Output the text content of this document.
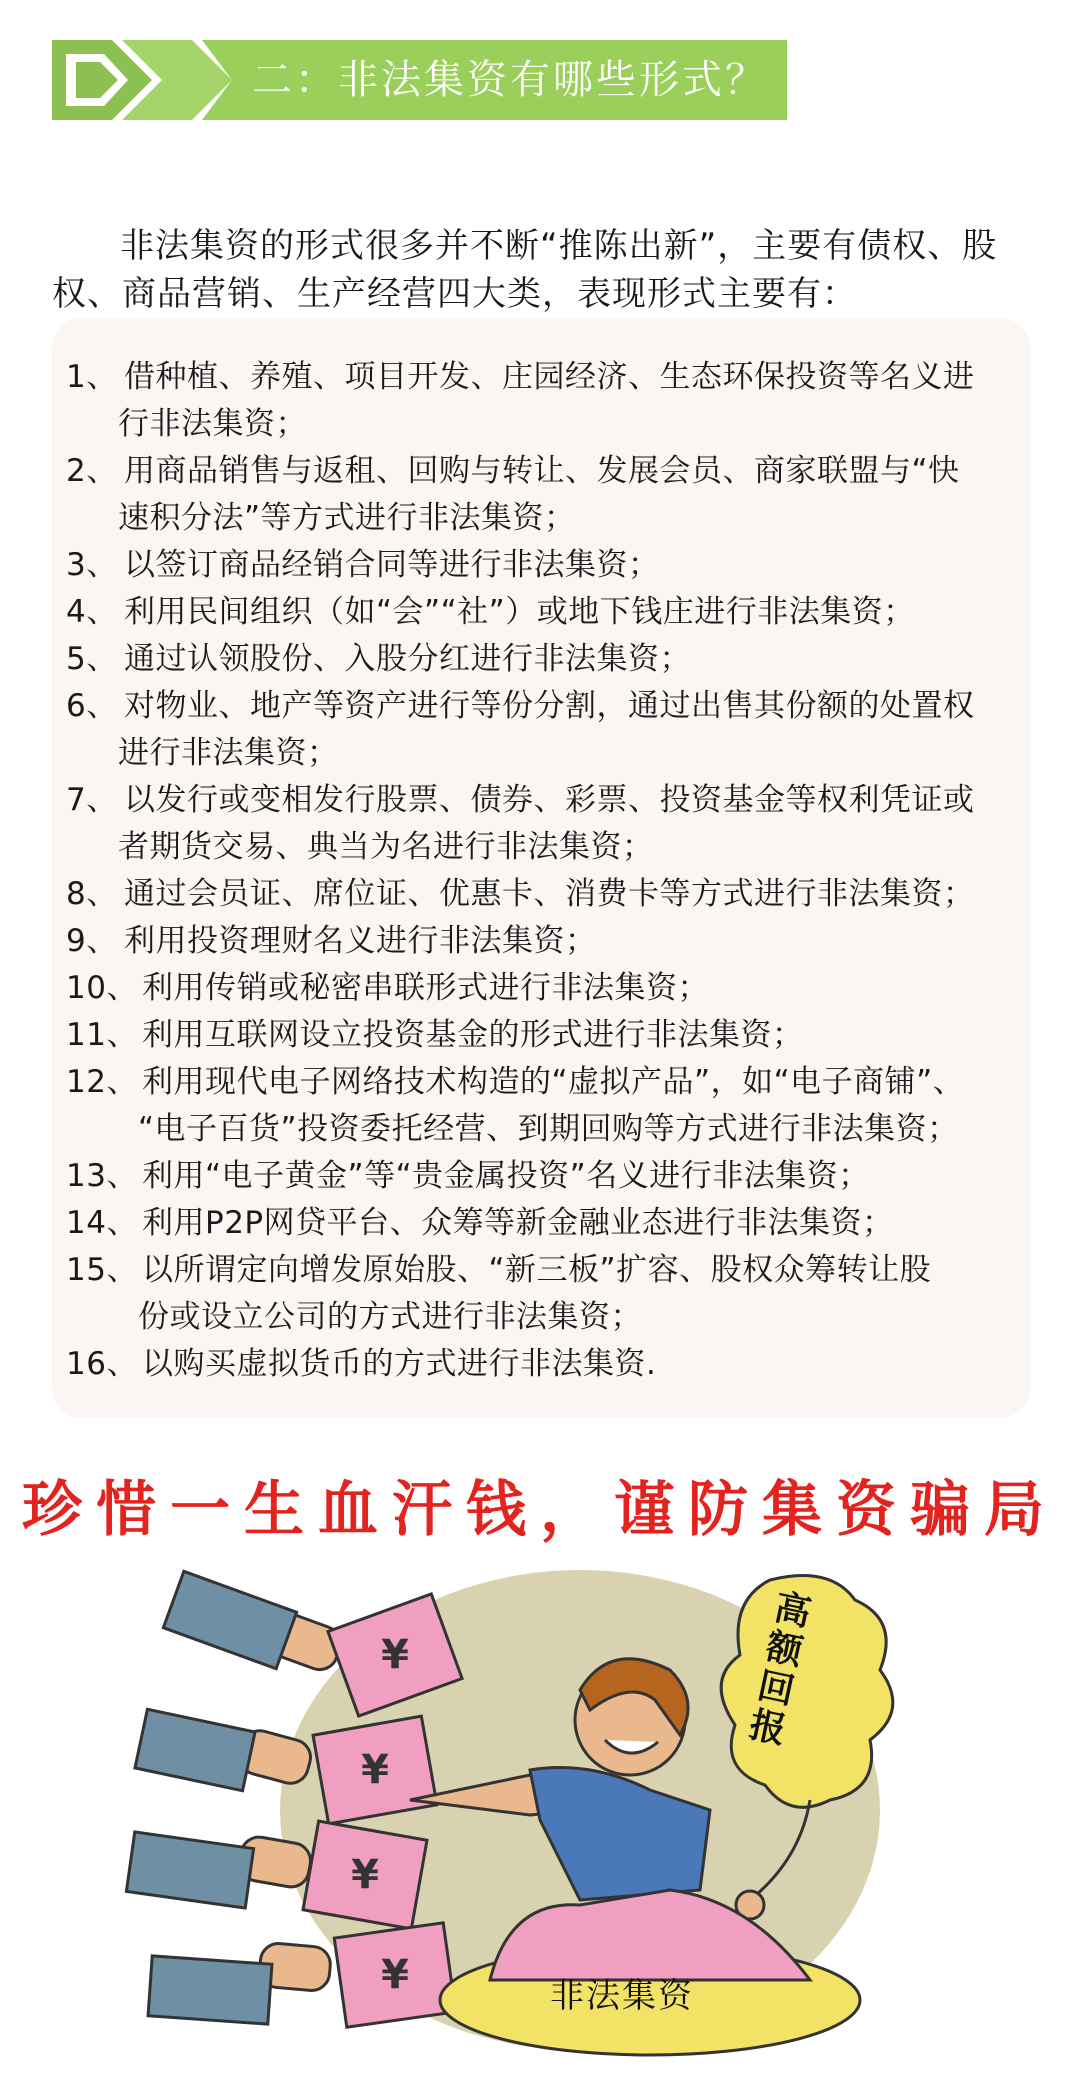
二：非法集资有哪些形式？

非法集资的形式很多并不断“推陈出新”，主要有债权、股权、商品营销、生产经营四大类，表现形式主要有：

1、 借种植、养殖、项目开发、庄园经济、生态环保投资等名义进
行非法集资；
2、 用商品销售与返租、回购与转让、发展会员、商家联盟与“快
速积分法”等方式进行非法集资；
3、 以签订商品经销合同等进行非法集资；
4、 利用民间组织（如“会”“社”）或地下钱庄进行非法集资；
5、 通过认领股份、入股分红进行非法集资；
6、 对物业、地产等资产进行等份分割，通过出售其份额的处置权
进行非法集资；
7、 以发行或变相发行股票、债券、彩票、投资基金等权利凭证或
者期货交易、典当为名进行非法集资；
8、 通过会员证、席位证、优惠卡、消费卡等方式进行非法集资；
9、 利用投资理财名义进行非法集资；
10、 利用传销或秘密串联形式进行非法集资；
11、 利用互联网设立投资基金的形式进行非法集资；
12、 利用现代电子网络技术构造的“虚拟产品”，如“电子商铺”、
“电子百货”投资委托经营、到期回购等方式进行非法集资；
13、 利用“电子黄金”等“贵金属投资”名义进行非法集资；
14、 利用P2P网贷平台、众筹等新金融业态进行非法集资；
15、 以所谓定向增发原始股、“新三板”扩容、股权众筹转让股
份或设立公司的方式进行非法集资；
16、 以购买虚拟货币的方式进行非法集资.
珍惜一生血汗钱，谨防集资骗局
¥
¥
¥
¥
高额回报
非法集资
